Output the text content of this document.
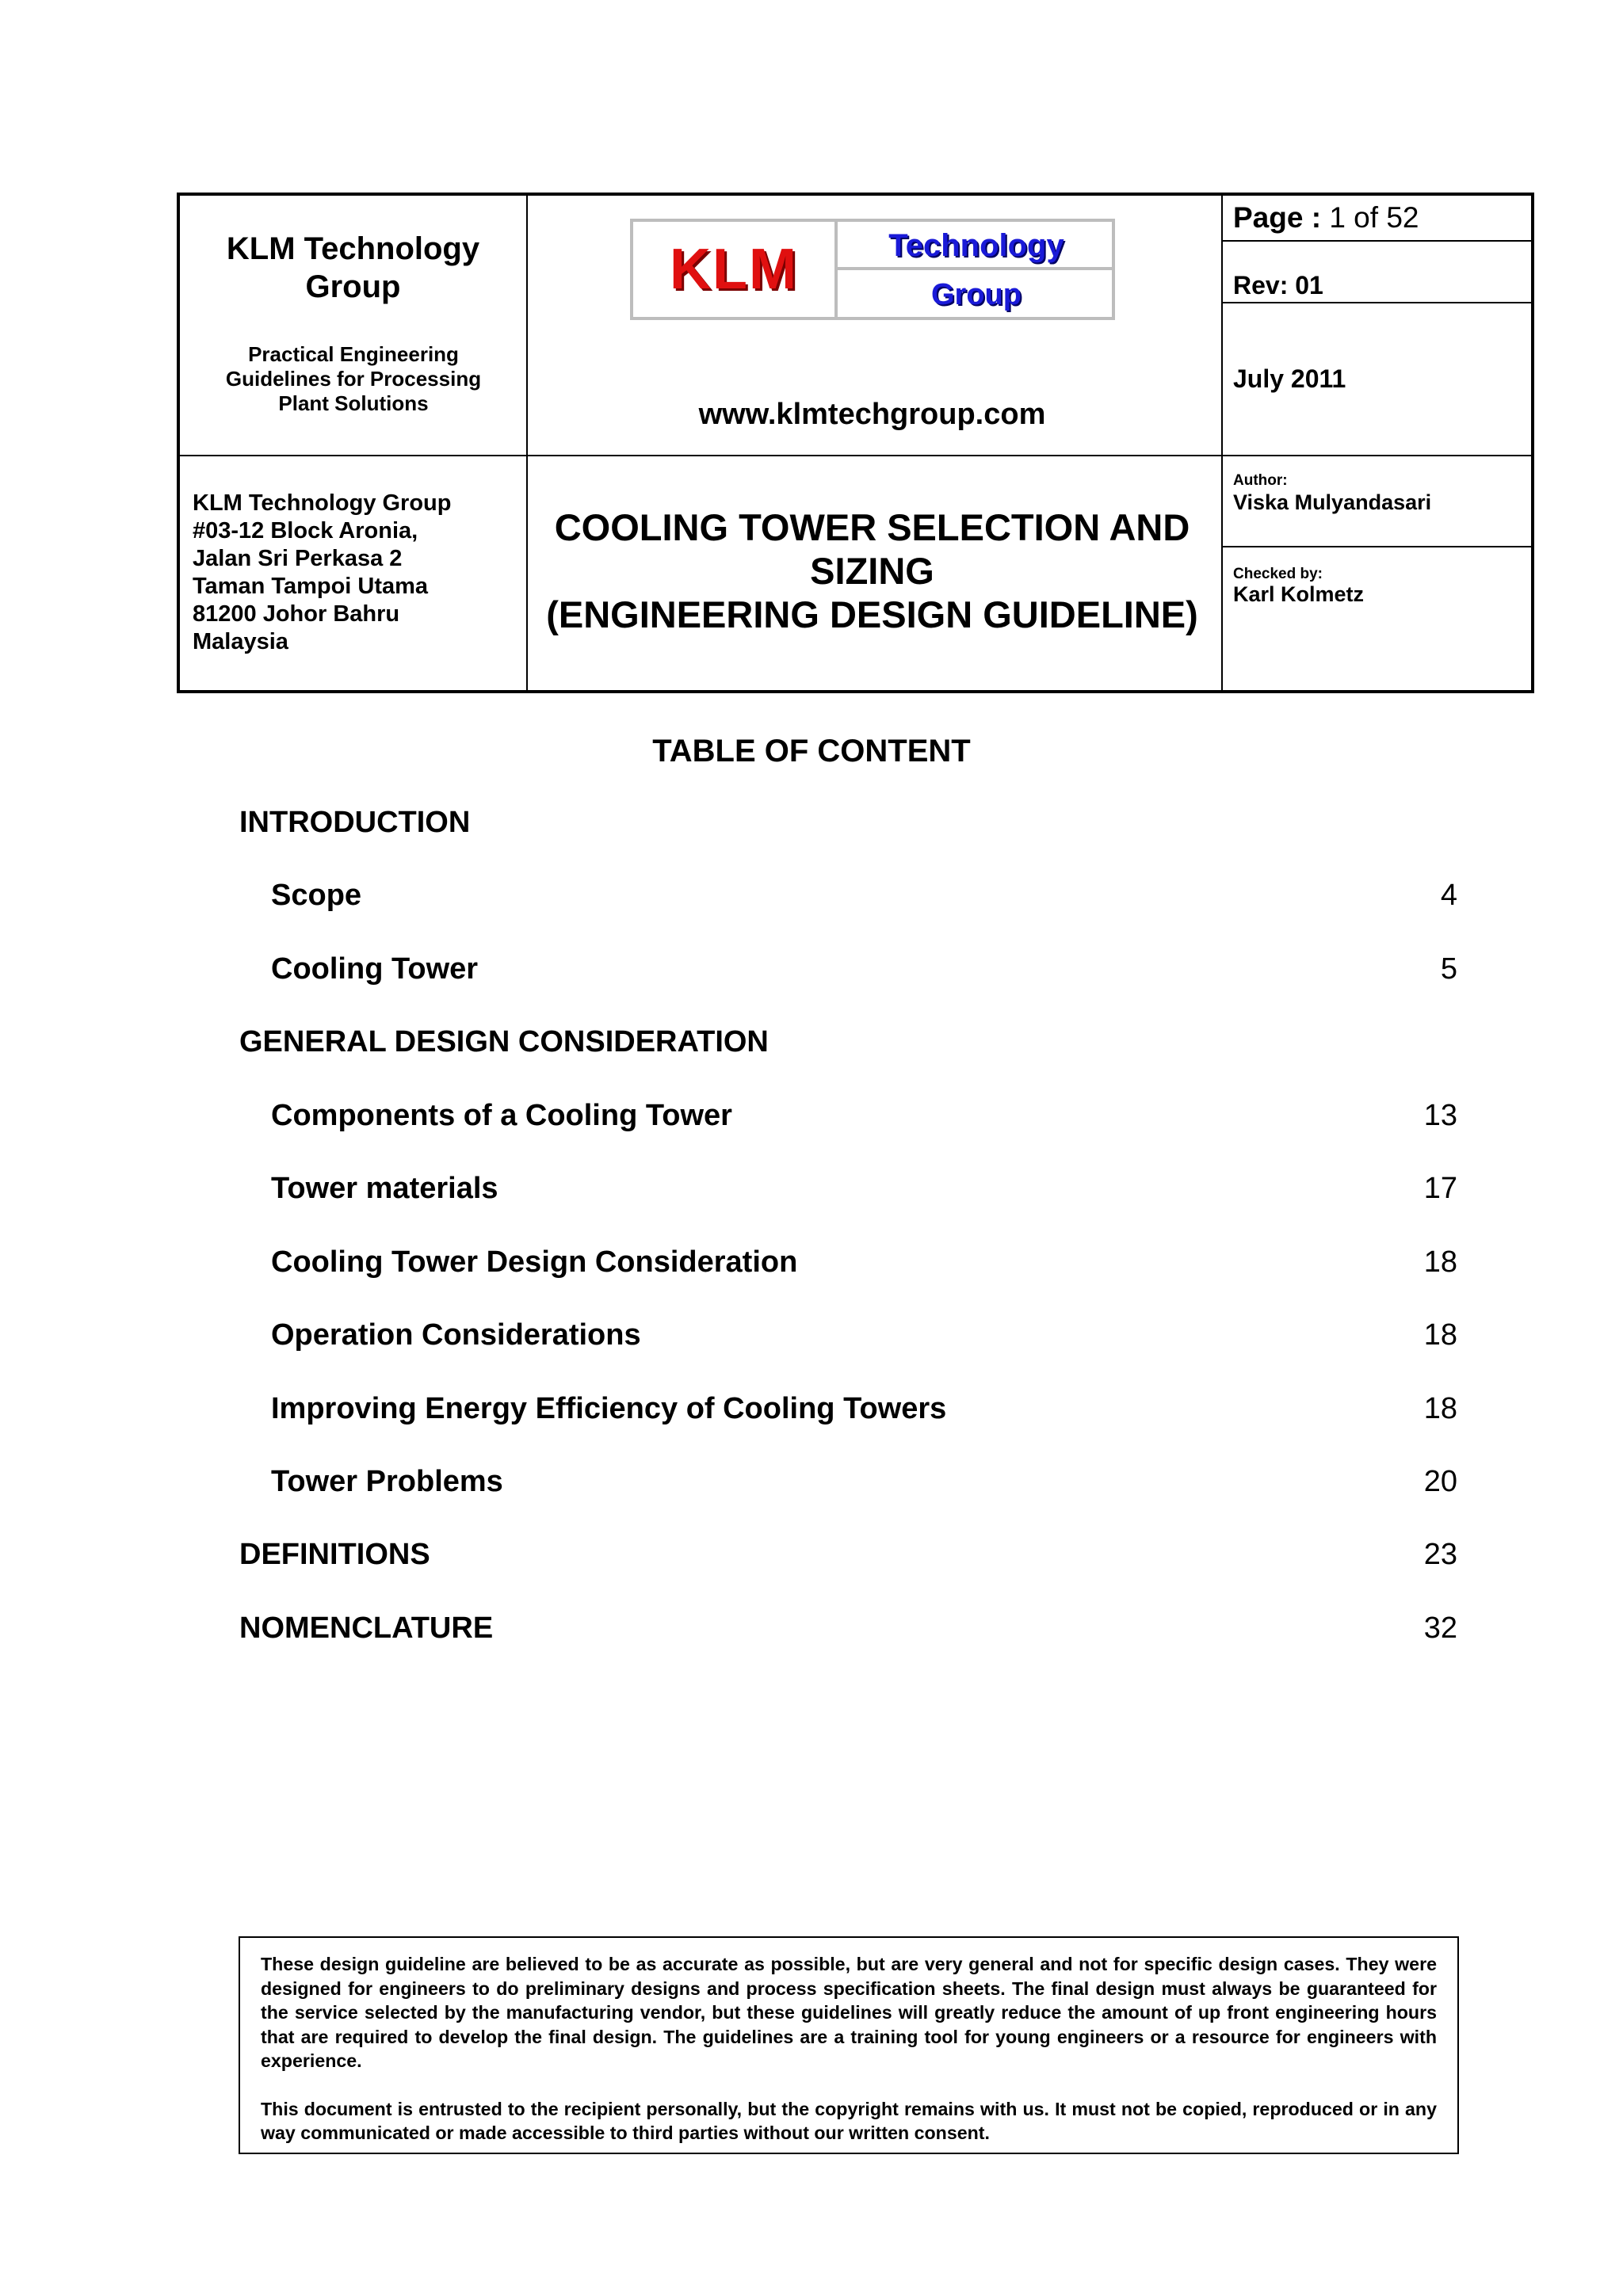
KLM Technology Group
Practical Engineering Guidelines for Processing Plant Solutions
KLM	Technology
Group
www.klmtechgroup.com
Page : 1 of 52
Rev: 01
July 2011
KLM Technology Group
#03-12 Block Aronia,
Jalan Sri Perkasa 2
Taman Tampoi Utama
81200 Johor Bahru
Malaysia
COOLING TOWER SELECTION AND
SIZING
(ENGINEERING DESIGN GUIDELINE)
Author:
Viska Mulyandasari
Checked by:
Karl Kolmetz
TABLE OF CONTENT
INTRODUCTION
Scope	4
Cooling Tower	5
GENERAL DESIGN CONSIDERATION
Components of a Cooling Tower	13
Tower materials	17
Cooling Tower Design Consideration	18
Operation Considerations	18
Improving Energy Efficiency of Cooling Towers	18
Tower Problems	20
DEFINITIONS	23
NOMENCLATURE	32

These design guideline are believed to be as accurate as possible, but are very general and not for specific design cases. They were designed for engineers to do preliminary designs and process specification sheets. The final design must always be guaranteed for the service selected by the manufacturing vendor, but these guidelines will greatly reduce the amount of up front engineering hours that are required to develop the final design. The guidelines are a training tool for young engineers or a resource for engineers with experience.

This document is entrusted to the recipient personally, but the copyright remains with us. It must not be copied, reproduced or in any way communicated or made accessible to third parties without our written consent.
